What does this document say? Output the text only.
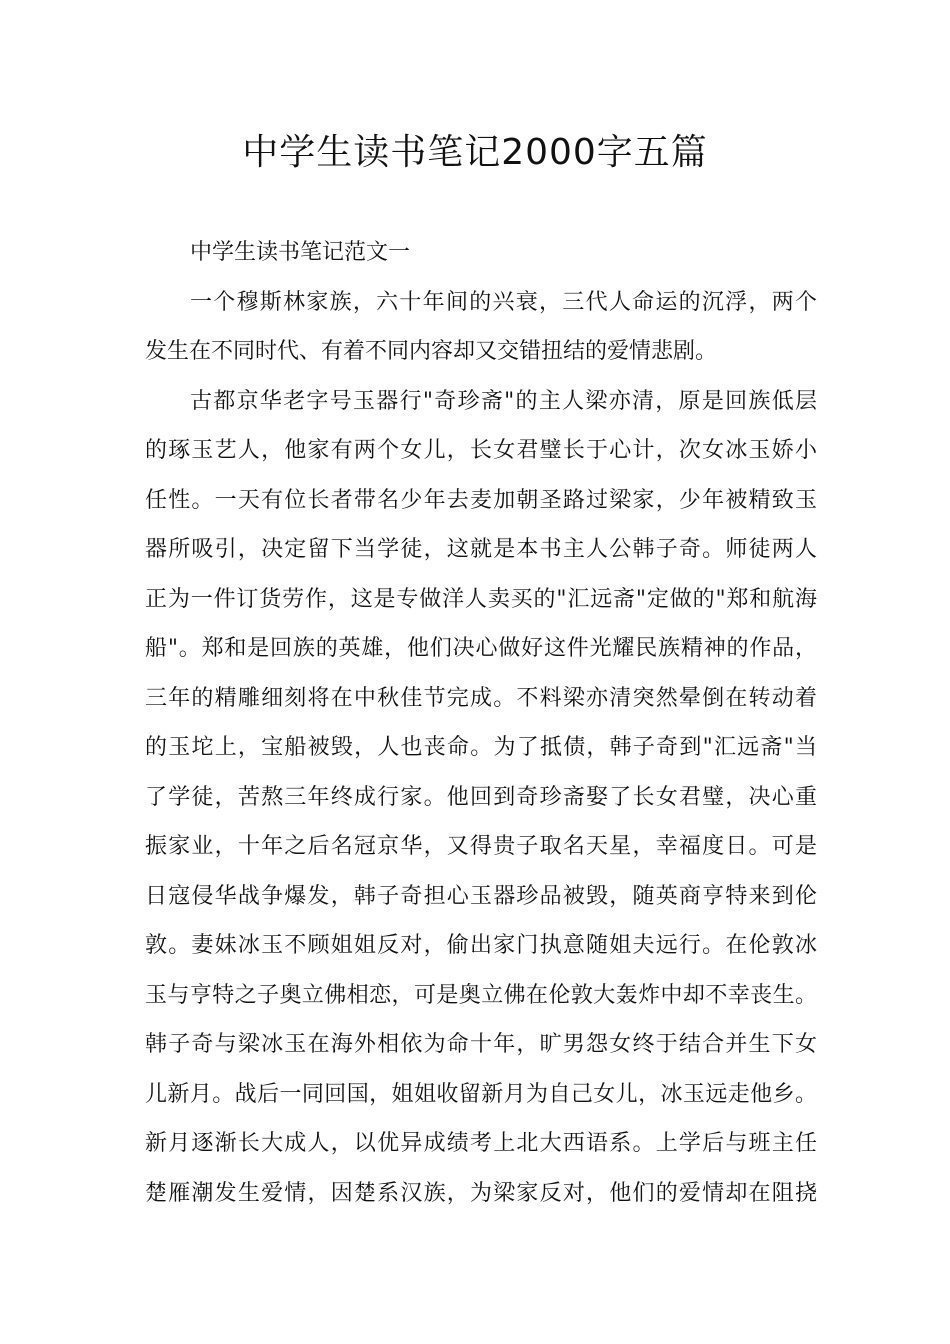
中学生读书笔记2000字五篇
中学生读书笔记范文一
一个穆斯林家族，六十年间的兴衰，三代人命运的沉浮，两个
发生在不同时代、有着不同内容却又交错扭结的爱情悲剧。
古都京华老字号玉器行"奇珍斋"的主人梁亦清，原是回族低层
的琢玉艺人，他家有两个女儿，长女君璧长于心计，次女冰玉娇小
任性。一天有位长者带名少年去麦加朝圣路过梁家，少年被精致玉
器所吸引，决定留下当学徒，这就是本书主人公韩子奇。师徒两人
正为一件订货劳作，这是专做洋人卖买的"汇远斋"定做的"郑和航海
船"。郑和是回族的英雄，他们决心做好这件光耀民族精神的作品，
三年的精雕细刻将在中秋佳节完成。不料梁亦清突然晕倒在转动着
的玉坨上，宝船被毁，人也丧命。为了抵债，韩子奇到"汇远斋"当
了学徒，苦熬三年终成行家。他回到奇珍斋娶了长女君璧，决心重
振家业，十年之后名冠京华，又得贵子取名天星，幸福度日。可是
日寇侵华战争爆发，韩子奇担心玉器珍品被毁，随英商亨特来到伦
敦。妻妹冰玉不顾姐姐反对，偷出家门执意随姐夫远行。在伦敦冰
玉与亨特之子奥立佛相恋，可是奥立佛在伦敦大轰炸中却不幸丧生。
韩子奇与梁冰玉在海外相依为命十年，旷男怨女终于结合并生下女
儿新月。战后一同回国，姐姐收留新月为自己女儿，冰玉远走他乡。
新月逐渐长大成人，以优异成绩考上北大西语系。上学后与班主任
楚雁潮发生爱情，因楚系汉族，为梁家反对，他们的爱情却在阻挠
